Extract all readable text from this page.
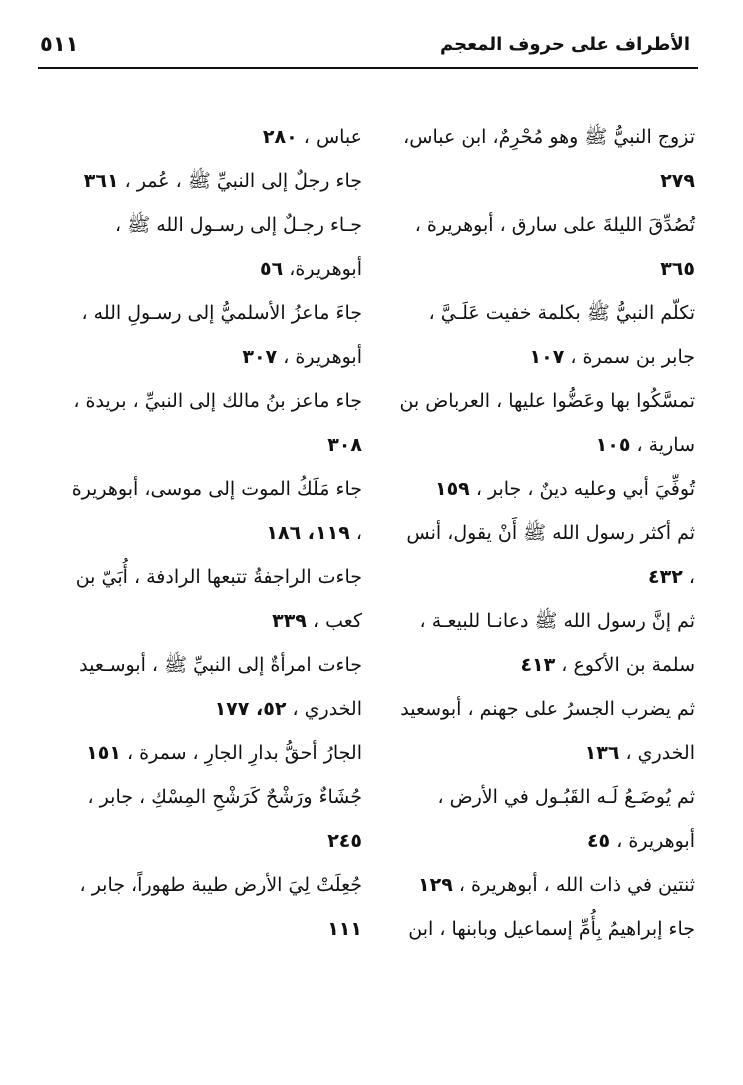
الأطراف على حروف المعجم
٥١١

تزوج النبيُّ ﷺ وهو مُحْرِمٌ، ابن عباس، ٢٧٩

تُصُدِّقَ الليلةَ على سارق ، أبوهريرة ، ٣٦٥

تكلّم النبيُّ ﷺ بكلمة خفيت عَلَـيَّ ، جابر بن سمرة ، ١٠٧

تمسَّكُوا بها وعَضُّوا عليها ، العرباض بن سارية ، ١٠٥

تُوفِّيَ أبي وعليه دينٌ ، جابر ، ١٥٩

ثم أكثر رسول الله ﷺ أَنْ يقول، أنس ، ٤٣٢

ثم إنَّ رسول الله ﷺ دعانـا للبيعـة ، سلمة بن الأكوع ، ٤١٣

ثم يضرب الجسرُ على جهنم ، أبوسعيد الخدري ، ١٣٦

ثم يُوضَـعُ لَـه القَبُـول في الأرض ، أبوهريرة ، ٤٥

ثنتين في ذات الله ، أبوهريرة ، ١٢٩

جاء إبراهيمُ بِأُمِّ إسماعيل وبابنها ، ابن

عباس ، ٢٨٠

جاء رجلٌ إلى النبيِّ ﷺ ، عُمر ، ٣٦١

جـاء رجـلٌ إلى رسـول الله ﷺ ، أبوهريرة، ٥٦

جاءَ ماعزُ الأسلميُّ إلى رسـولِ الله ، أبوهريرة ، ٣٠٧

جاء ماعز بنُ مالك إلى النبيِّ ، بريدة ، ٣٠٨

جاء مَلَكُ الموت إلى موسى، أبوهريرة ، ١١٩، ١٨٦

جاءت الراجفةُ تتبعها الرادفة ، أُبَيّ بن كعب ، ٣٣٩

جاءت امرأةٌ إلى النبيِّ ﷺ ، أبوسـعيد الخدري ، ٥٢، ١٧٧

الجارُ أحقُّ بدارِ الجارِ ، سمرة ، ١٥١

جُشَاءٌ ورَشْحٌ كَرَشْحِ المِسْكِ ، جابر ، ٢٤٥

جُعِلَتْ لِيَ الأرض طيبة طهوراً، جابر ، ١١١
